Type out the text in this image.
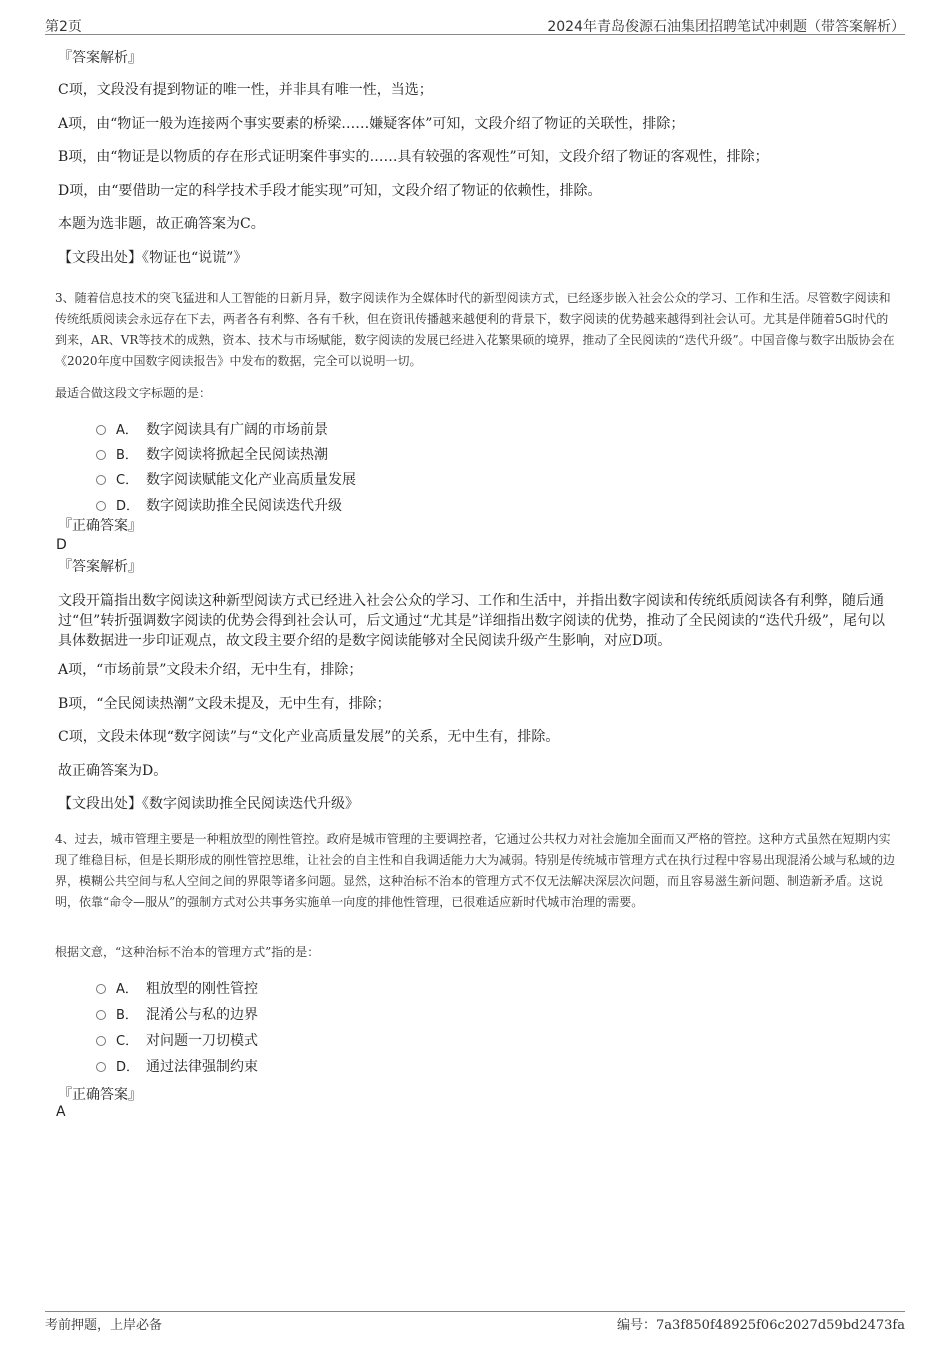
第2页	2024年青岛俊源石油集团招聘笔试冲刺题（带答案解析）
『答案解析』
C项，文段没有提到物证的唯一性，并非具有唯一性，当选；
A项，由“物证一般为连接两个事实要素的桥梁……嫌疑客体”可知，文段介绍了物证的关联性，排除；
B项，由“物证是以物质的存在形式证明案件事实的……具有较强的客观性”可知，文段介绍了物证的客观性，排除；
D项，由“要借助一定的科学技术手段才能实现”可知，文段介绍了物证的依赖性，排除。
本题为选非题，故正确答案为C。
【文段出处】《物证也“说谎”》
3、随着信息技术的突飞猛进和人工智能的日新月异，数字阅读作为全媒体时代的新型阅读方式，已经逐步嵌入社会公众的学习、工作和生活。尽管数字阅读和传统纸质阅读会永远存在下去，两者各有利弊、各有千秋，但在资讯传播越来越便利的背景下，数字阅读的优势越来越得到社会认可。尤其是伴随着5G时代的到来，AR、VR等技术的成熟，资本、技术与市场赋能，数字阅读的发展已经进入花繁果硕的境界，推动了全民阅读的“迭代升级”。中国音像与数字出版协会在《2020年度中国数字阅读报告》中发布的数据，完全可以说明一切。
最适合做这段文字标题的是：
A． 数字阅读具有广阔的市场前景
B． 数字阅读将掀起全民阅读热潮
C． 数字阅读赋能文化产业高质量发展
D． 数字阅读助推全民阅读迭代升级
『正确答案』
D
『答案解析』
文段开篇指出数字阅读这种新型阅读方式已经进入社会公众的学习、工作和生活中，并指出数字阅读和传统纸质阅读各有利弊，随后通过“但”转折强调数字阅读的优势会得到社会认可，后文通过“尤其是”详细指出数字阅读的优势，推动了全民阅读的“迭代升级”，尾句以具体数据进一步印证观点，故文段主要介绍的是数字阅读能够对全民阅读升级产生影响，对应D项。
A项，“市场前景”文段未介绍，无中生有，排除；
B项，“全民阅读热潮”文段未提及，无中生有，排除；
C项，文段未体现“数字阅读”与“文化产业高质量发展”的关系，无中生有，排除。
故正确答案为D。
【文段出处】《数字阅读助推全民阅读迭代升级》
4、过去，城市管理主要是一种粗放型的刚性管控。政府是城市管理的主要调控者，它通过公共权力对社会施加全面而又严格的管控。这种方式虽然在短期内实现了维稳目标，但是长期形成的刚性管控思维，让社会的自主性和自我调适能力大为减弱。特别是传统城市管理方式在执行过程中容易出现混淆公域与私域的边界，模糊公共空间与私人空间之间的界限等诸多问题。显然，这种治标不治本的管理方式不仅无法解决深层次问题，而且容易滋生新问题、制造新矛盾。这说明，依靠“命令—服从”的强制方式对公共事务实施单一向度的排他性管理，已很难适应新时代城市治理的需要。
根据文意，“这种治标不治本的管理方式”指的是：
A． 粗放型的刚性管控
B． 混淆公与私的边界
C． 对问题一刀切模式
D． 通过法律强制约束
『正确答案』
A
考前押题，上岸必备	编号：7a3f850f48925f06c2027d59bd2473fa
